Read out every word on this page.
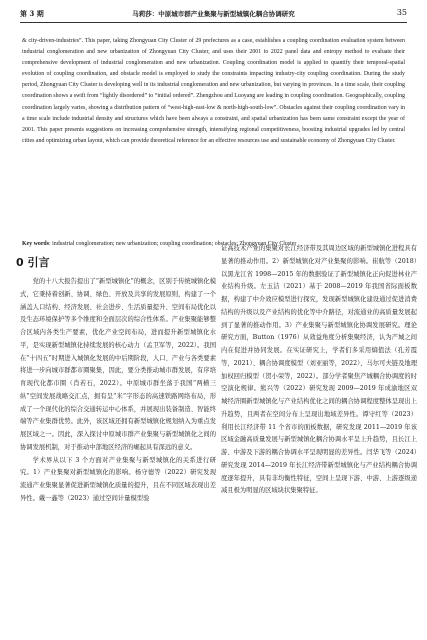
第 3 期	马莉莎：中原城市群产业集聚与新型城镇化耦合协调研究	35

& city-driven-industries”. This paper, taking Zhongyuan City Cluster of 29 prefectures as a case, establishes a coupling coordination evaluation system between industrial conglomeration and new urbanization of Zhongyuan City Cluster, and uses their 2001 to 2022 panel data and entropy method to evaluate their comprehensive development of industrial conglomeration and new urbanization. Coupling coordination model is applied to quantify their temporal-spatial evolution of coupling coordination, and obstacle model is employed to study the constraints impacting industry-city coupling coordination. During the study period, Zhongyuan City Cluster is developing well in its industrial conglomeration and new urbanization, but varying in provinces. In a time scale, their coupling coordination shows a swift from “lightly disordered” to “initial ordered”. Zhengzhou and Luoyang are leading in coupling coordination. Geographically, coupling coordination largely varies, showing a distribution pattern of “west-high-east-low & north-high-south-low”. Obstacles against their coupling coordination vary in a time scale include industrial density and structures which have been always a constraint, and spatial urbanization has been same constraint except the year of 2001. This paper presents suggestions on increasing comprehensive strength, intensifying regional competitiveness, boosting industrial upgrades led by central cities and optimizing urban layout, which can provide theoretical reference for an effective resources use and sustainable economy of Zhongyuan City Cluster.

Key words: industrial conglomeration; new urbanization; coupling coordination; obstacles; Zhongyuan City Cluster
0 引言

党的十八大报告提出了“新型城镇化”的概念，区别于传统城镇化模式，它秉持着创新、协调、绿色、开放及共享的发展原则，构建了一个涵盖人口结构、经济发展、社会进步、生活质量提升、空间布局优化以及生态环境保护等多个维度和全面层次的综合性体系。产业集聚能够整合区域内各类生产要素，优化产业空间布局，进而提升新型城镇化水平，是实现新型城镇化持续发展的核心动力（孟卫军等，2022）。我国在“十四五”时期进入城镇化发展的中后期阶段，人口、产业与各类要素将进一步向城市群都市圈聚集，因此，要分类推动城市群发展，有序培育现代化都市圈（肖若石，2022）。中原城市群坐落于我国“两横三纵”空间发展战略交汇点，拥有呈“米”字形态的高速铁路网络布局，形成了一个现代化的综合交通转运中心体系，并展现出装备制造、智能终端等产业集群优势。此外，该区域还拥有新型城镇化规划纳入为重点发展区域之一。因此，深入探讨中原城市群产业集聚与新型城镇化之间的协调发展机制，对于推动中部地区经济的崛起具有深远的意义。

学术界从以下 3 个方面对产业集聚与新型城镇化的关系进行研究。1）产业集聚对新型城镇化的影响。杨守德等（2022）研究发现流通产业集聚显著促进新型城镇化质量的提升，且在不同区域表现出差异性。戴一鑫等（2023）通过空间计量模型验

证高技术产业的集聚对长江经济带及其周边区域的新型城镇化进程具有显著的推动作用。2）新型城镇化对产业集聚的影响。崔航等（2018）以黑龙江省 1998—2015 年的数据验证了新型城镇化正向促进林业产业结构升级。左玉洁（2021）基于 2008—2019 年我国省际面板数据，构建了中介效应模型进行探究，发现新型城镇化建设通过促进消费结构的升级以及产业结构的优化等中介路径，对流通业的高质量发展起到了显著的推动作用。3）产业集聚与新型城镇化协调发展研究。理论研究方面，Button（1976）从效益角度分析集聚经济，认为产城之间内在促进并协同发展。在实证研究上，学者们多采用熵值法（孔芳霞等，2021）、耦合协调度模型（刘亚丽等，2022）、马尔可夫链及地理加权回归模型（贺小荣等，2022）。部分学者聚焦产城耦合协调度的时空演化规律。熊兴等（2022）研究发现 2009—2019 年成渝地区双城经济圈新型城镇化与产业结构优化之间的耦合协调程度整体呈现出上升趋势，且两者在空间分布上呈现出地域差异性。谭守红等（2023）利用长江经济带 11 个省市的面板数据，研究发现 2011—2019 年该区域金融高质量发展与新型城镇化耦合协调水平呈上升趋势，且长江上游、中游及下游的耦合协调水平呈现明显的差异性。闫华飞等（2024）研究发现 2014—2019 年长江经济带新型城镇化与产业结构耦合协调度逐年提升，具有非均衡性特征，空间上呈现下游、中游、上游逐级递减且极为明显的区域块状集聚特征。
